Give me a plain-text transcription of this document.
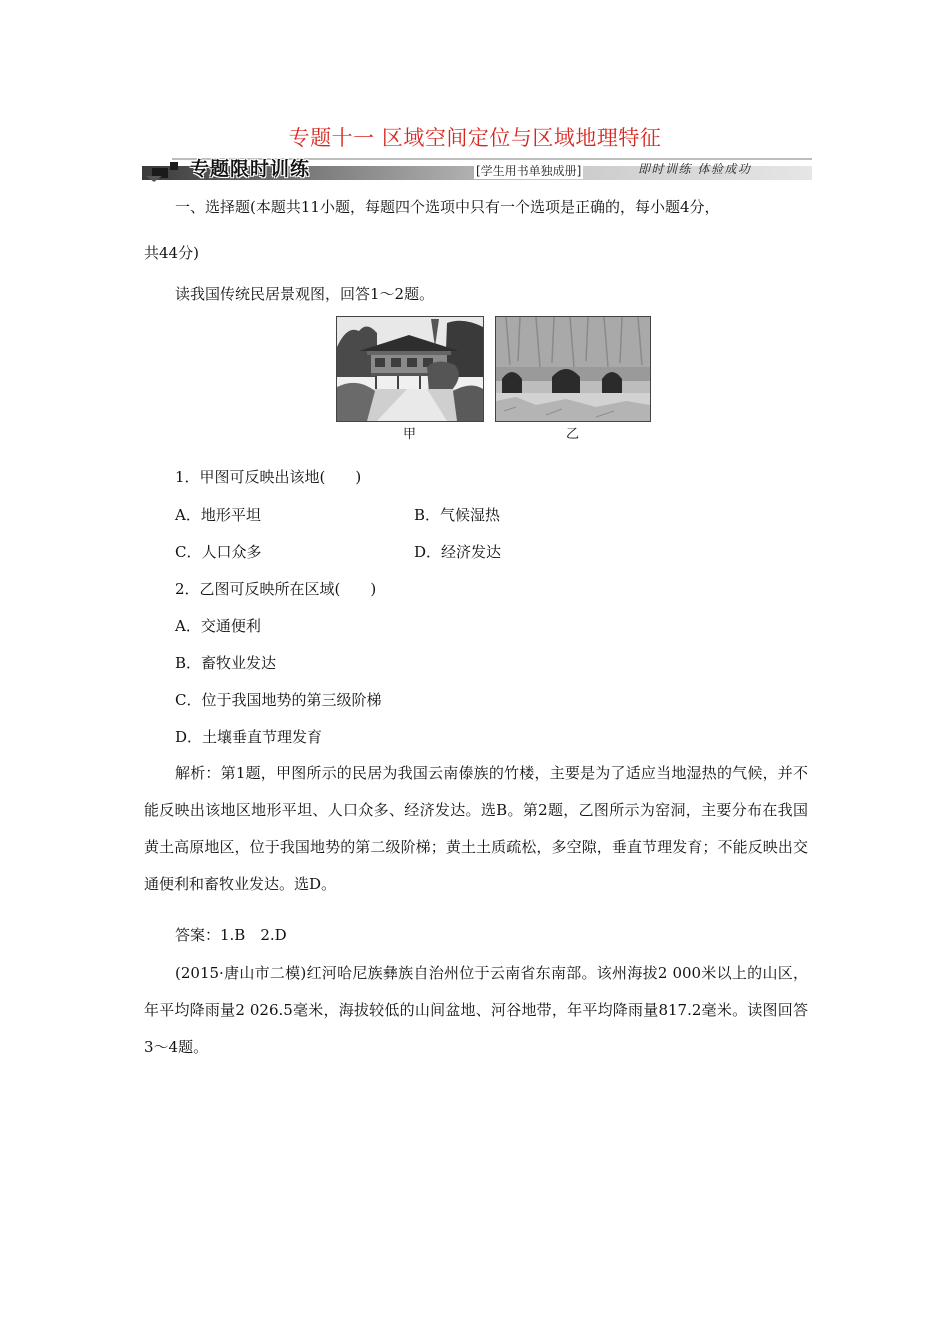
专题十一 区域空间定位与区域地理特征
专题限时训练	[学生用书单独成册]	即时训练 体验成功
一、选择题(本题共11小题，每题四个选项中只有一个选项是正确的，每小题4分，
共44分)
读我国传统民居景观图，回答1～2题。
甲	乙
1．甲图可反映出该地(　　)
A．地形平坦	B．气候湿热
C．人口众多	D．经济发达
2．乙图可反映所在区域(　　)
A．交通便利
B．畜牧业发达
C．位于我国地势的第三级阶梯
D．土壤垂直节理发育

解析：第1题，甲图所示的民居为我国云南傣族的竹楼，主要是为了适应当地湿热的气候，并不能反映出该地区地形平坦、人口众多、经济发达。选B。第2题，乙图所示为窑洞，主要分布在我国黄土高原地区，位于我国地势的第二级阶梯；黄土土质疏松，多空隙，垂直节理发育；不能反映出交通便利和畜牧业发达。选D。

答案：1.B　2.D

(2015·唐山市二模)红河哈尼族彝族自治州位于云南省东南部。该州海拔2 000米以上的山区，年平均降雨量2 026.5毫米，海拔较低的山间盆地、河谷地带，年平均降雨量817.2毫米。读图回答3～4题。
